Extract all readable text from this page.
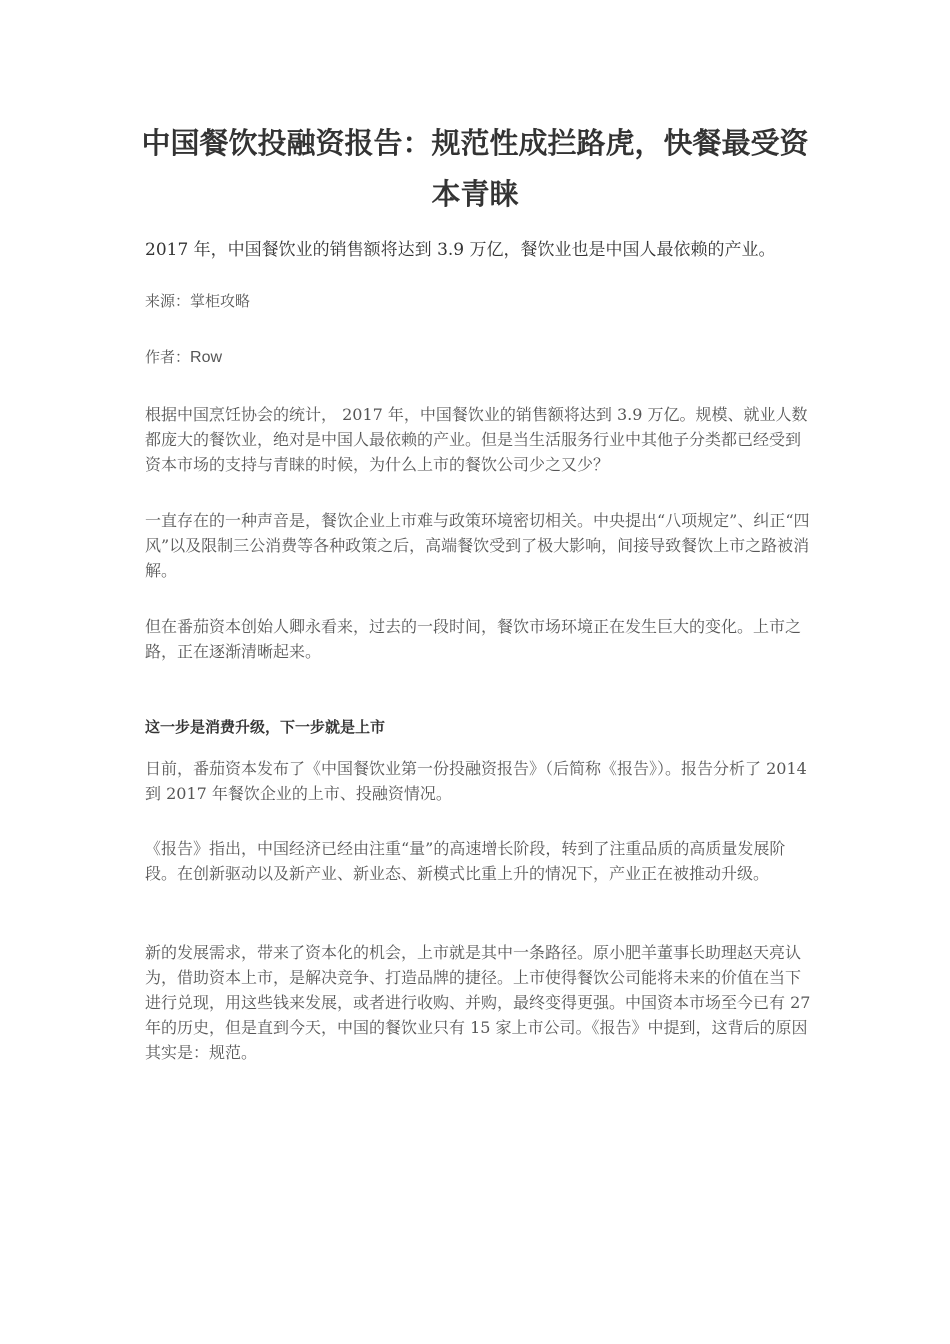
中国餐饮投融资报告：规范性成拦路虎，快餐最受资本青睐

2017 年，中国餐饮业的销售额将达到 3.9 万亿，餐饮业也是中国人最依赖的产业。

来源：掌柜攻略

作者：Row

根据中国烹饪协会的统计， 2017 年，中国餐饮业的销售额将达到 3.9 万亿。规模、就业人数都庞大的餐饮业，绝对是中国人最依赖的产业。但是当生活服务行业中其他子分类都已经受到资本市场的支持与青睐的时候，为什么上市的餐饮公司少之又少？

一直存在的一种声音是，餐饮企业上市难与政策环境密切相关。中央提出“八项规定”、纠正“四风”以及限制三公消费等各种政策之后，高端餐饮受到了极大影响，间接导致餐饮上市之路被消解。

但在番茄资本创始人卿永看来，过去的一段时间，餐饮市场环境正在发生巨大的变化。上市之路，正在逐渐清晰起来。

这一步是消费升级，下一步就是上市

日前，番茄资本发布了《中国餐饮业第一份投融资报告》（后简称《报告》）。报告分析了 2014 到 2017 年餐饮企业的上市、投融资情况。

《报告》指出，中国经济已经由注重“量”的高速增长阶段，转到了注重品质的高质量发展阶段。在创新驱动以及新产业、新业态、新模式比重上升的情况下，产业正在被推动升级。

新的发展需求，带来了资本化的机会，上市就是其中一条路径。原小肥羊董事长助理赵天亮认为，借助资本上市，是解决竞争、打造品牌的捷径。上市使得餐饮公司能将未来的价值在当下进行兑现，用这些钱来发展，或者进行收购、并购，最终变得更强。中国资本市场至今已有 27 年的历史，但是直到今天，中国的餐饮业只有 15 家上市公司。《报告》中提到，这背后的原因其实是：规范。
